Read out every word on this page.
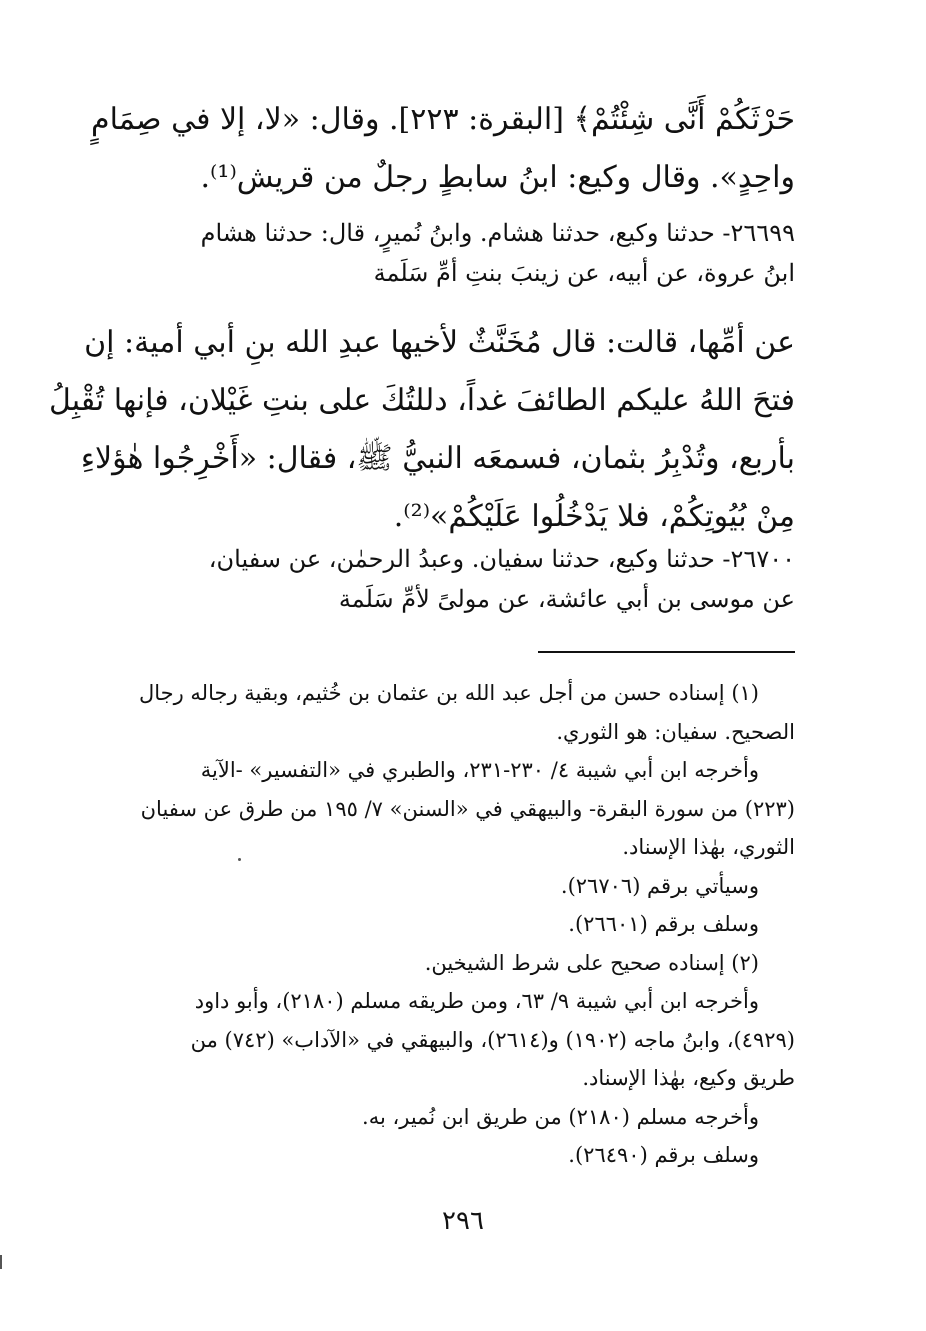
حَرْثَكُمْ أَنَّى شِئْتُمْ﴾ [البقرة: ٢٢٣]. وقال: «لا، إلا في صِمَامٍ
واحِدٍ». وقال وكيع: ابنُ سابطٍ رجلٌ من قريش⁽¹⁾.
٢٦٦٩٩- حدثنا وكيع، حدثنا هشام. وابنُ نُميرٍ، قال: حدثنا هشام
ابنُ عروة، عن أبيه، عن زينبَ بنتِ أمِّ سَلَمة
عن أمِّها، قالت: قال مُخَنَّثٌ لأخيها عبدِ الله بنِ أبي أمية: إن
فتحَ اللهُ عليكم الطائفَ غداً، دللتُكَ على بنتِ غَيْلان، فإنها تُقْبِلُ
بأربع، وتُدْبِرُ بثمان، فسمعَه النبيُّ ﷺ، فقال: «أَخْرِجُوا هٰؤلاءِ
مِنْ بُيُوتِكُمْ، فلا يَدْخُلُوا عَلَيْكُمْ»⁽²⁾.
٢٦٧٠٠- حدثنا وكيع، حدثنا سفيان. وعبدُ الرحمٰن، عن سفيان،
عن موسى بن أبي عائشة، عن مولىً لأمِّ سَلَمة
(١) إسناده حسن من أجل عبد الله بن عثمان بن خُثيم، وبقية رجاله رجال
الصحيح. سفيان: هو الثوري.
وأخرجه ابن أبي شيبة ٤/ ٢٣٠-٢٣١، والطبري في «التفسير» -الآية
(٢٢٣) من سورة البقرة- والبيهقي في «السنن» ٧/ ١٩٥ من طرق عن سفيان
الثوري، بهٰذا الإسناد.
وسيأتي برقم (٢٦٧٠٦).
وسلف برقم (٢٦٦٠١).
(٢) إسناده صحيح على شرط الشيخين.
وأخرجه ابن أبي شيبة ٩/ ٦٣، ومن طريقه مسلم (٢١٨٠)، وأبو داود
(٤٩٢٩)، وابنُ ماجه (١٩٠٢) و(٢٦١٤)، والبيهقي في «الآداب» (٧٤٢) من
طريق وكيع، بهٰذا الإسناد.
وأخرجه مسلم (٢١٨٠) من طريق ابن نُمير، به.
وسلف برقم (٢٦٤٩٠).
٢٩٦
